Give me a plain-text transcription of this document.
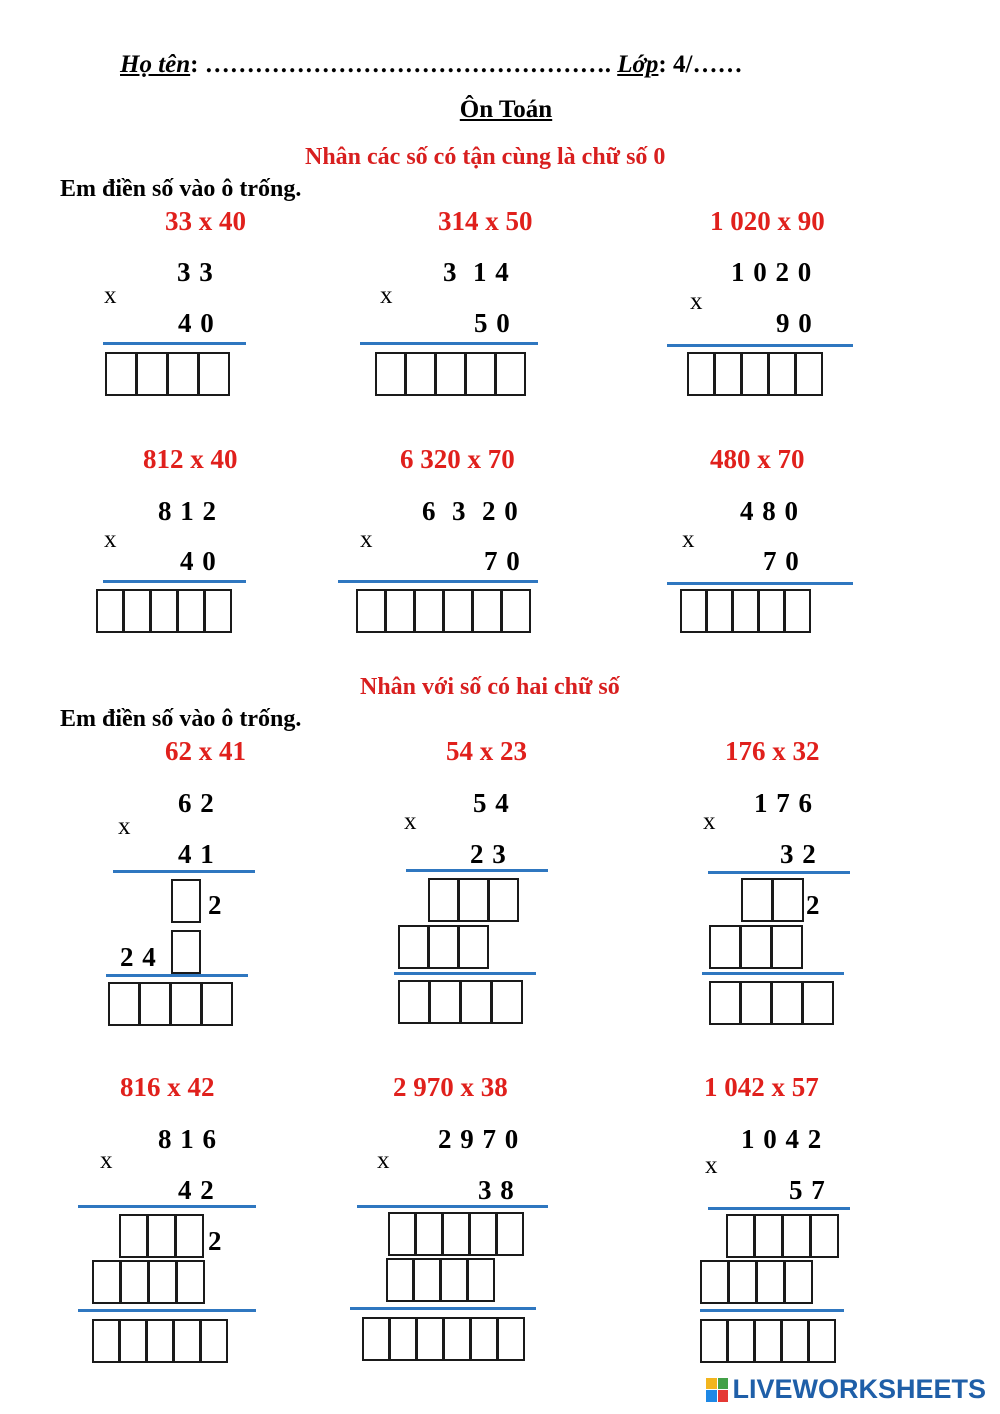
Họ tên: …………………………………………. Lớp: 4/……
Ôn Toán
Nhân các số có tận cùng là chữ số 0
Em điền số vào ô trống.
33 x 40
3 3
x
4 0
314 x 50
3  1 4
x
5 0
1 020 x 90
1 0 2 0
x
9 0
812 x 40
8 1 2
x
4 0
6 320 x 70
6  3  2 0
x
7 0
480 x 70
4 8 0
x
7 0
Nhân với số có hai chữ số
Em điền số vào ô trống.
62 x 41
6 2
x
4 1
2
2 4
54 x 23
5 4
x
2 3
176 x 32
1 7 6
x
3 2
2
816 x 42
8 1 6
x
4 2
2
2 970 x 38
2 9 7 0
x
3 8
1 042 x 57
1 0 4 2
x
5 7
LIVEWORKSHEETS
